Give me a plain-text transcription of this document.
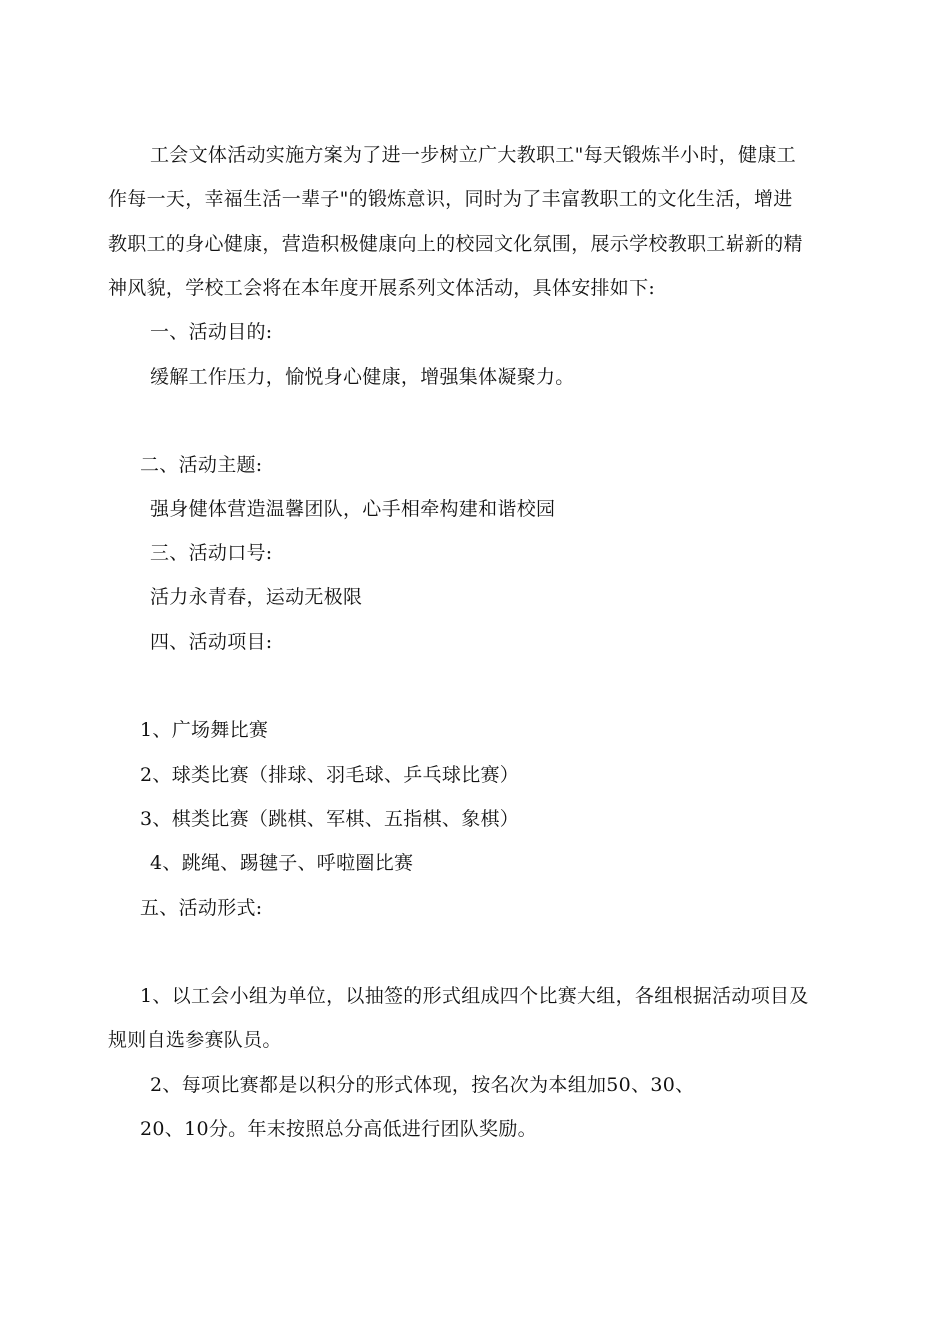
工会文体活动实施方案为了进一步树立广大教职工"每天锻炼半小时，健康工
作每一天，幸福生活一辈子"的锻炼意识，同时为了丰富教职工的文化生活，增进
教职工的身心健康，营造积极健康向上的校园文化氛围，展示学校教职工崭新的精
神风貌，学校工会将在本年度开展系列文体活动，具体安排如下:
一、活动目的:
缓解工作压力，愉悦身心健康，增强集体凝聚力。
二、活动主题:
强身健体营造温馨团队，心手相牵构建和谐校园
三、活动口号:
活力永青春，运动无极限
四、活动项目:
1、广场舞比赛
2、球类比赛（排球、羽毛球、乒乓球比赛）
3、棋类比赛（跳棋、军棋、五指棋、象棋）
4、跳绳、踢毽子、呼啦圈比赛
五、活动形式:
1、以工会小组为单位，以抽签的形式组成四个比赛大组，各组根据活动项目及
规则自选参赛队员。
2、每项比赛都是以积分的形式体现，按名次为本组加50、30、
20、10分。年末按照总分高低进行团队奖励。
